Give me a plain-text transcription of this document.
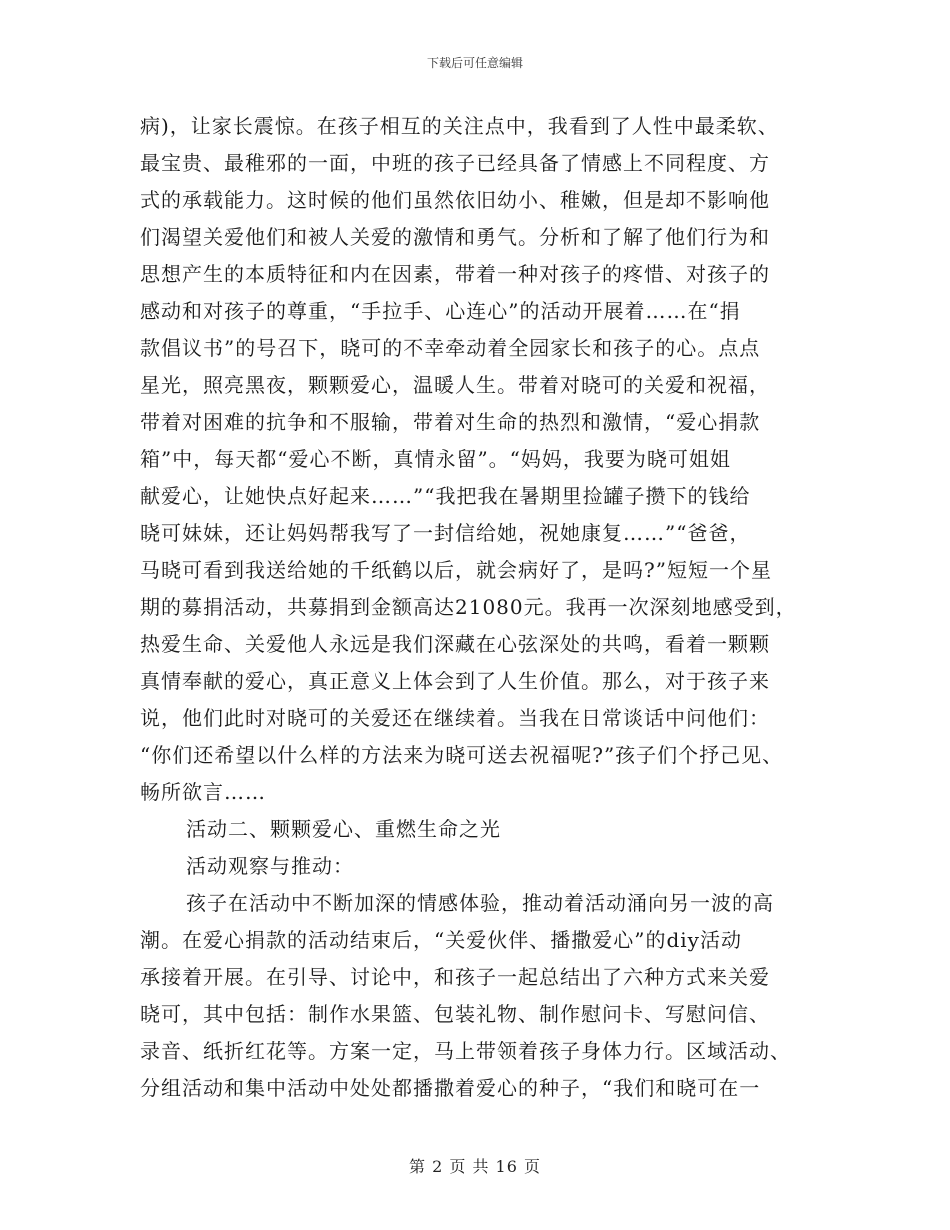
下载后可任意编辑
病)，让家长震惊。在孩子相互的关注点中，我看到了人性中最柔软、
最宝贵、最稚邪的一面，中班的孩子已经具备了情感上不同程度、方
式的承载能力。这时候的他们虽然依旧幼小、稚嫩，但是却不影响他
们渴望关爱他们和被人关爱的激情和勇气。分析和了解了他们行为和
思想产生的本质特征和内在因素，带着一种对孩子的疼惜、对孩子的
感动和对孩子的尊重，“手拉手、心连心”的活动开展着……在“捐
款倡议书”的号召下，晓可的不幸牵动着全园家长和孩子的心。点点
星光，照亮黑夜，颗颗爱心，温暖人生。带着对晓可的关爱和祝福，
带着对困难的抗争和不服输，带着对生命的热烈和激情，“爱心捐款
箱”中，每天都“爱心不断，真情永留”。“妈妈，我要为晓可姐姐
献爱心，让她快点好起来……”“我把我在暑期里捡罐子攒下的钱给
晓可妹妹，还让妈妈帮我写了一封信给她，祝她康复……”“爸爸，
马晓可看到我送给她的千纸鹤以后，就会病好了，是吗?”短短一个星
期的募捐活动，共募捐到金额高达21080元。我再一次深刻地感受到，
热爱生命、关爱他人永远是我们深藏在心弦深处的共鸣，看着一颗颗
真情奉献的爱心，真正意义上体会到了人生价值。那么，对于孩子来
说，他们此时对晓可的关爱还在继续着。当我在日常谈话中问他们：
“你们还希望以什么样的方法来为晓可送去祝福呢?”孩子们个抒己见、
畅所欲言……
活动二、颗颗爱心、重燃生命之光
活动观察与推动：
孩子在活动中不断加深的情感体验，推动着活动涌向另一波的高
潮。在爱心捐款的活动结束后，“关爱伙伴、播撒爱心”的diy活动
承接着开展。在引导、讨论中，和孩子一起总结出了六种方式来关爱
晓可，其中包括：制作水果篮、包装礼物、制作慰问卡、写慰问信、
录音、纸折红花等。方案一定，马上带领着孩子身体力行。区域活动、
分组活动和集中活动中处处都播撒着爱心的种子，“我们和晓可在一
第 2 页 共 16 页
